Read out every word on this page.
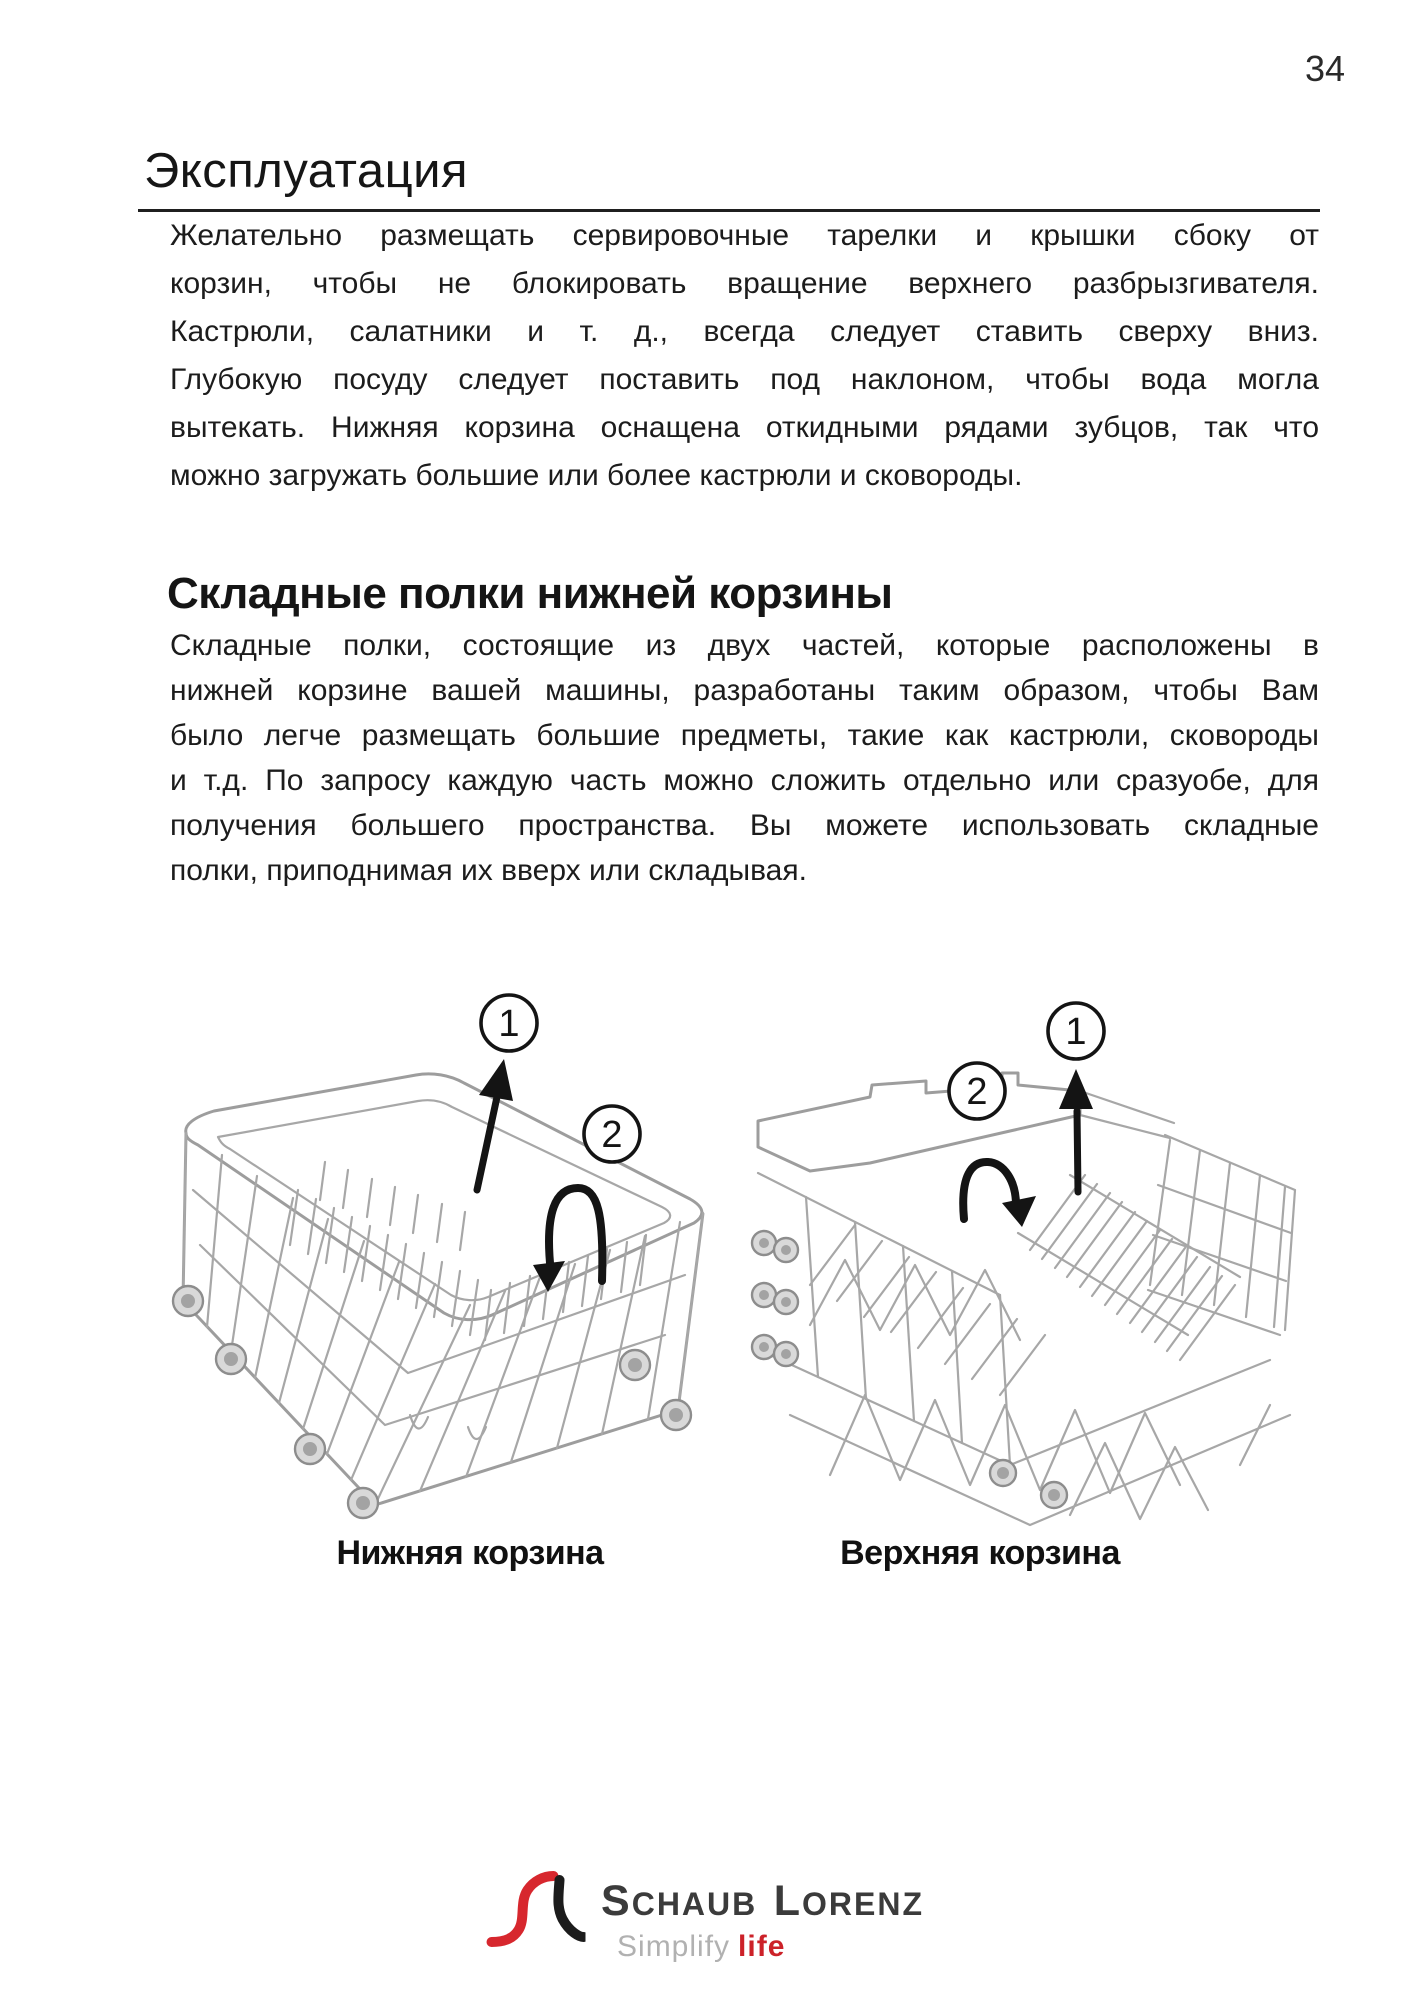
34
Эксплуатация
Желательно размещать сервировочные тарелки и крышки сбоку от
корзин, чтобы не блокировать вращение верхнего разбрызгивателя.
Кастрюли, салатники и т. д., всегда следует ставить сверху вниз.
Глубокую посуду следует поставить под наклоном, чтобы вода могла
вытекать. Нижняя корзина оснащена откидными рядами зубцов, так что
можно загружать большие или более кастрюли и сковороды.
Складные полки нижней корзины
Складные полки, состоящие из двух частей, которые расположены в
нижней корзине вашей машины, разработаны таким образом, чтобы Вам
было легче размещать большие предметы, такие как кастрюли, сковороды
и т.д. По запросу каждую часть можно сложить отдельно или сразуобе, для
получения большего пространства. Вы можете использовать складные
полки, приподнимая их вверх или складывая.
1
2
1
2
Нижняя корзина	Верхняя корзина
SCHAUB LORENZ
Simplify life
